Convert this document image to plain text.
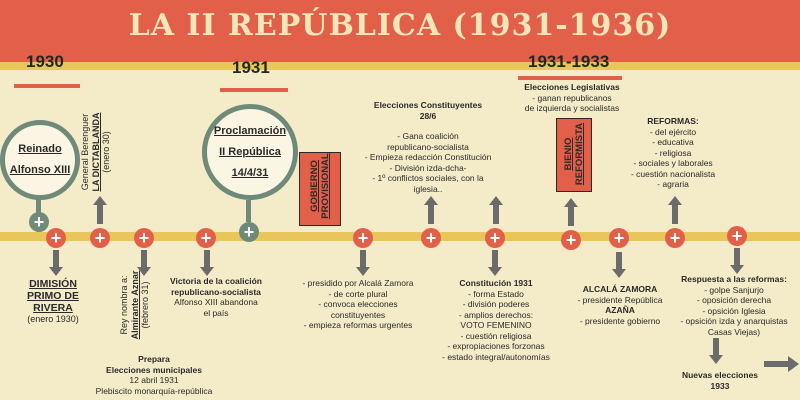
LA II REPÚBLICA (1931-1936)
1930	1931	1931-1933
Reinado
Alfonso XIII
+
Proclamación
II República
14/4/31
+
+ + +	+	+	+	+	+ +	+	+
General Berenguer LA DICTABLANDA (enero 30)
DIMISIÓN
PRIMO DE
RIVERA
(enero 1930)	Rey nombra a: Almirante Aznar (febrero 31)
Prepara
Elecciones municipales
12 abril 1931
Plebiscito monarquía-república
Victoria de la coalición
republicano-socialista
Alfonso XIII abandona
el país
GOBIERNO PROVISIONAL
- presidido por Alcalá Zamora
- de corte plural
- convoca elecciones
constituyentes
- empieza reformas urgentes
Elecciones Constituyentes
28/6
- Gana coalición
republicano-socialista
- Empieza redacción Constitución
- División izda-dcha-
- 1º conflictos sociales, con la
iglesia..
Constitución 1931
- forma Estado
- división poderes
- amplios derechos:
VOTO FEMENINO
- cuestión religiosa
- expropiaciones forzonas
- estado integral/autonomías
Elecciones Legislativas
- ganan republicanos
de izquierda y socialistas
BIENIO REFORMISTA
ALCALÁ ZAMORA
- presidente República
AZAÑA
- presidente gobierno
REFORMAS:
- del ejército
- educativa
- religiosa
- sociales y laborales
- cuestión nacionalista
- agraria
Respuesta a las reformas:
- golpe Sanjurjo
- oposición derecha
- opsición Iglesia
- opsición izda y anarquistas
Casas Viejas)
Nuevas elecciones
1933
